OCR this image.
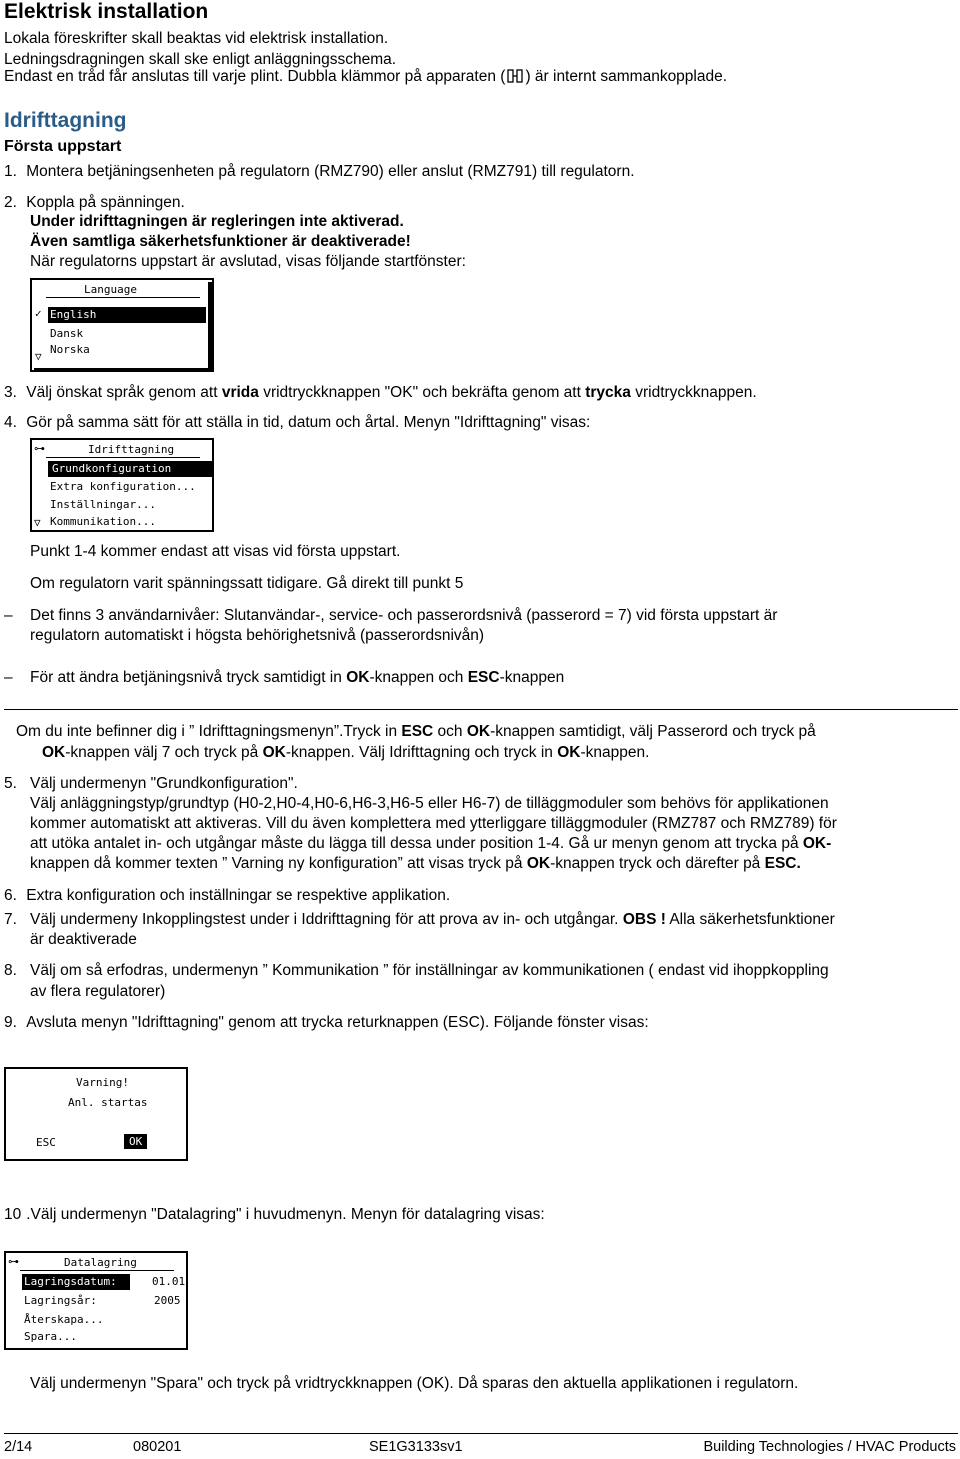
Elektrisk installation
Lokala föreskrifter skall beaktas vid elektrisk installation.
Ledningsdragningen skall ske enligt anläggningsschema.
Endast en tråd får anslutas till varje plint. Dubbla klämmor på apparaten ( ) är internt sammankopplade.
Idrifttagning
Första uppstart
1. Montera betjäningsenheten på regulatorn (RMZ790) eller anslut (RMZ791) till regulatorn.
2. Koppla på spänningen.
Under idrifttagningen är regleringen inte aktiverad.
Även samtliga säkerhetsfunktioner är deaktiverade!
När regulatorns uppstart är avslutad, visas följande startfönster:
Language
English
✓
Dansk
Norska
▽
3. Välj önskat språk genom att vrida vridtryckknappen "OK" och bekräfta genom att trycka vridtryckknappen.
4. Gör på samma sätt för att ställa in tid, datum och årtal. Menyn "Idrifttagning" visas:
⊶	Idrifttagning
Grundkonfiguration
Extra konfiguration...
Inställningar...
Kommunikation...
▽
Punkt 1-4 kommer endast att visas vid första uppstart.
Om regulatorn varit spänningssatt tidigare. Gå direkt till punkt 5
– Det finns 3 användarnivåer: Slutanvändar-, service- och passerordsnivå (passerord = 7) vid första uppstart är
regulatorn automatiskt i högsta behörighetsnivå (passerordsnivån)
– För att ändra betjäningsnivå tryck samtidigt in OK-knappen och ESC-knappen
Om du inte befinner dig i ” Idrifttagningsmenyn”.Tryck in ESC och OK-knappen samtidigt, välj Passerord och tryck på
OK-knappen välj 7 och tryck på OK-knappen. Välj Idrifttagning och tryck in OK-knappen.
5. Välj undermenyn "Grundkonfiguration".
Välj anläggningstyp/grundtyp (H0-2,H0-4,H0-6,H6-3,H6-5 eller H6-7) de tilläggmoduler som behövs för applikationen
kommer automatiskt att aktiveras. Vill du även komplettera med ytterliggare tilläggmoduler (RMZ787 och RMZ789) för
att utöka antalet in- och utgångar måste du lägga till dessa under position 1-4. Gå ur menyn genom att trycka på OK-
knappen då kommer texten ” Varning ny konfiguration” att visas tryck på OK-knappen tryck och därefter på ESC.
6. Extra konfiguration och inställningar se respektive applikation.
7. Välj undermeny Inkopplingstest under i Iddrifttagning för att prova av in- och utgångar. OBS ! Alla säkerhetsfunktioner
är deaktiverade
8. Välj om så erfodras, undermenyn ” Kommunikation ” för inställningar av kommunikationen ( endast vid ihoppkoppling
av flera regulatorer)
9. Avsluta menyn "Idrifttagning" genom att trycka returknappen (ESC). Följande fönster visas:
Varning!
Anl. startas
ESC	OK
10 .Välj undermenyn "Datalagring" i huvudmenyn. Menyn för datalagring visas:
⊶	Datalagring
Lagringsdatum:	01.01
Lagringsår:	2005
Återskapa...
Spara...
Välj undermenyn "Spara" och tryck på vridtryckknappen (OK). Då sparas den aktuella applikationen i regulatorn.
2/14	080201	SE1G3133sv1	Building Technologies / HVAC Products
